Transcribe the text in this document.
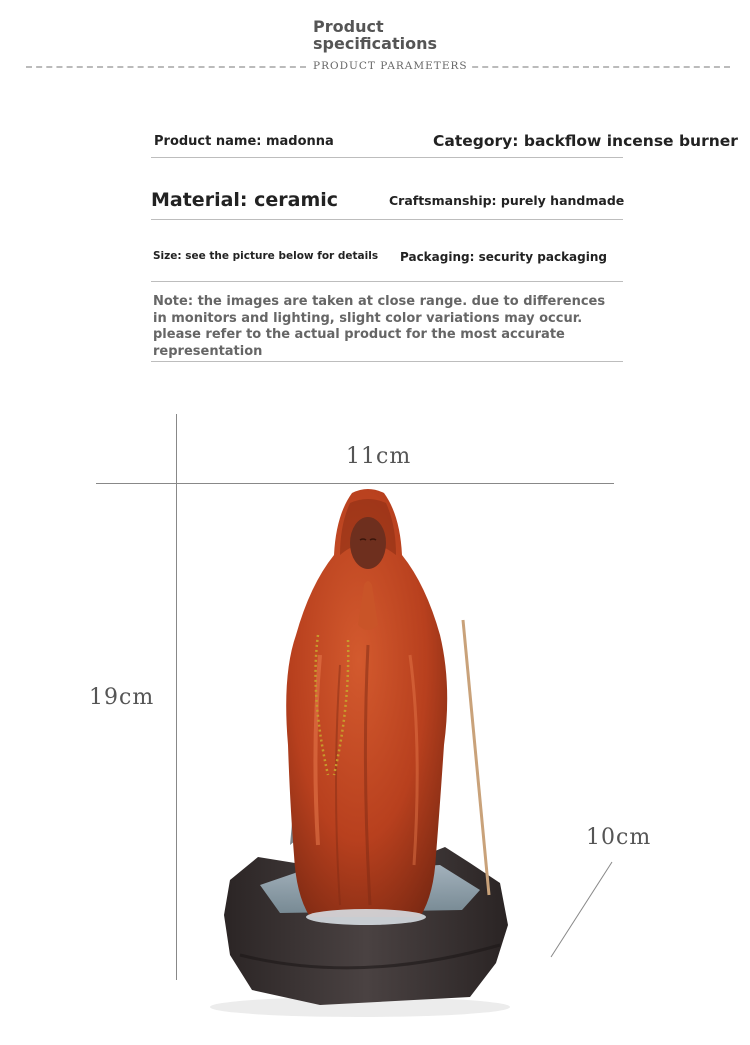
Product specifications
PRODUCT PARAMETERS
Product name: madonna	Category: backflow incense burner
Material: ceramic	Craftsmanship: purely handmade
Size: see the picture below for details Packaging: security packaging
Note: the images are taken at close range. due to differences in monitors and lighting, slight color variations may occur. please refer to the actual product for the most accurate representation
11cm
19cm
10cm
